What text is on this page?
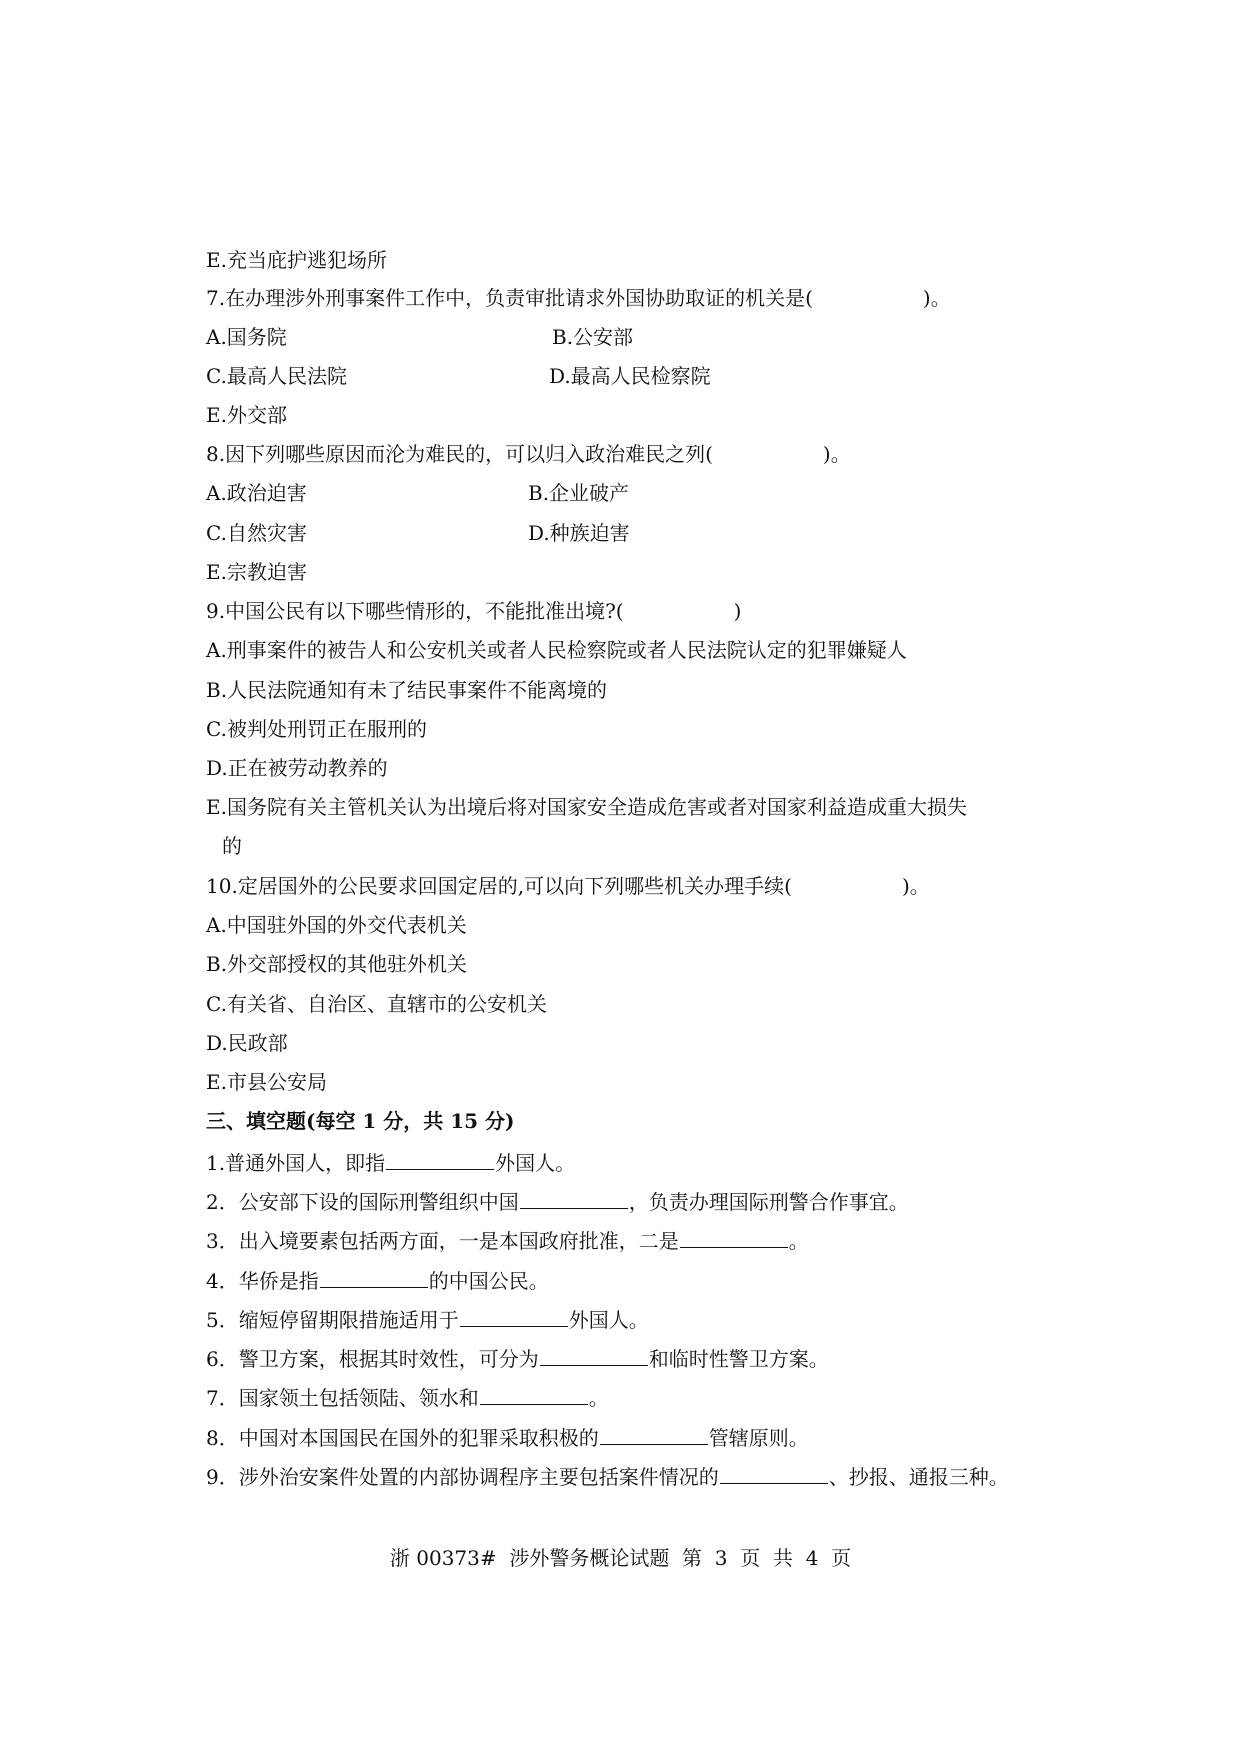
E.充当庇护逃犯场所
7.在办理涉外刑事案件工作中，负责审批请求外国协助取证的机关是(	)。
A.国务院	B.公安部
C.最高人民法院	D.最高人民检察院
E.外交部
8.因下列哪些原因而沦为难民的，可以归入政治难民之列(	)。
A.政治迫害	B.企业破产
C.自然灾害	D.种族迫害
E.宗教迫害
9.中国公民有以下哪些情形的，不能批准出境?(	)
A.刑事案件的被告人和公安机关或者人民检察院或者人民法院认定的犯罪嫌疑人
B.人民法院通知有未了结民事案件不能离境的
C.被判处刑罚正在服刑的
D.正在被劳动教养的
E.国务院有关主管机关认为出境后将对国家安全造成危害或者对国家利益造成重大损失
的
10.定居国外的公民要求回国定居的,可以向下列哪些机关办理手续(	)。
A.中国驻外国的外交代表机关
B.外交部授权的其他驻外机关
C.有关省、自治区、直辖市的公安机关
D.民政部
E.市县公安局
三、填空题(每空 1 分，共 15 分)
1.普通外国人，即指	外国人。
2．公安部下设的国际刑警组织中国	，负责办理国际刑警合作事宜。
3．出入境要素包括两方面，一是本国政府批准，二是	。
4．华侨是指	的中国公民。
5．缩短停留期限措施适用于	外国人。
6．警卫方案，根据其时效性，可分为	和临时性警卫方案。
7．国家领土包括领陆、领水和	。
8．中国对本国国民在国外的犯罪采取积极的	管辖原则。
9．涉外治安案件处置的内部协调程序主要包括案件情况的	、抄报、通报三种。
浙 00373#  涉外警务概论试题  第  3  页  共  4  页
